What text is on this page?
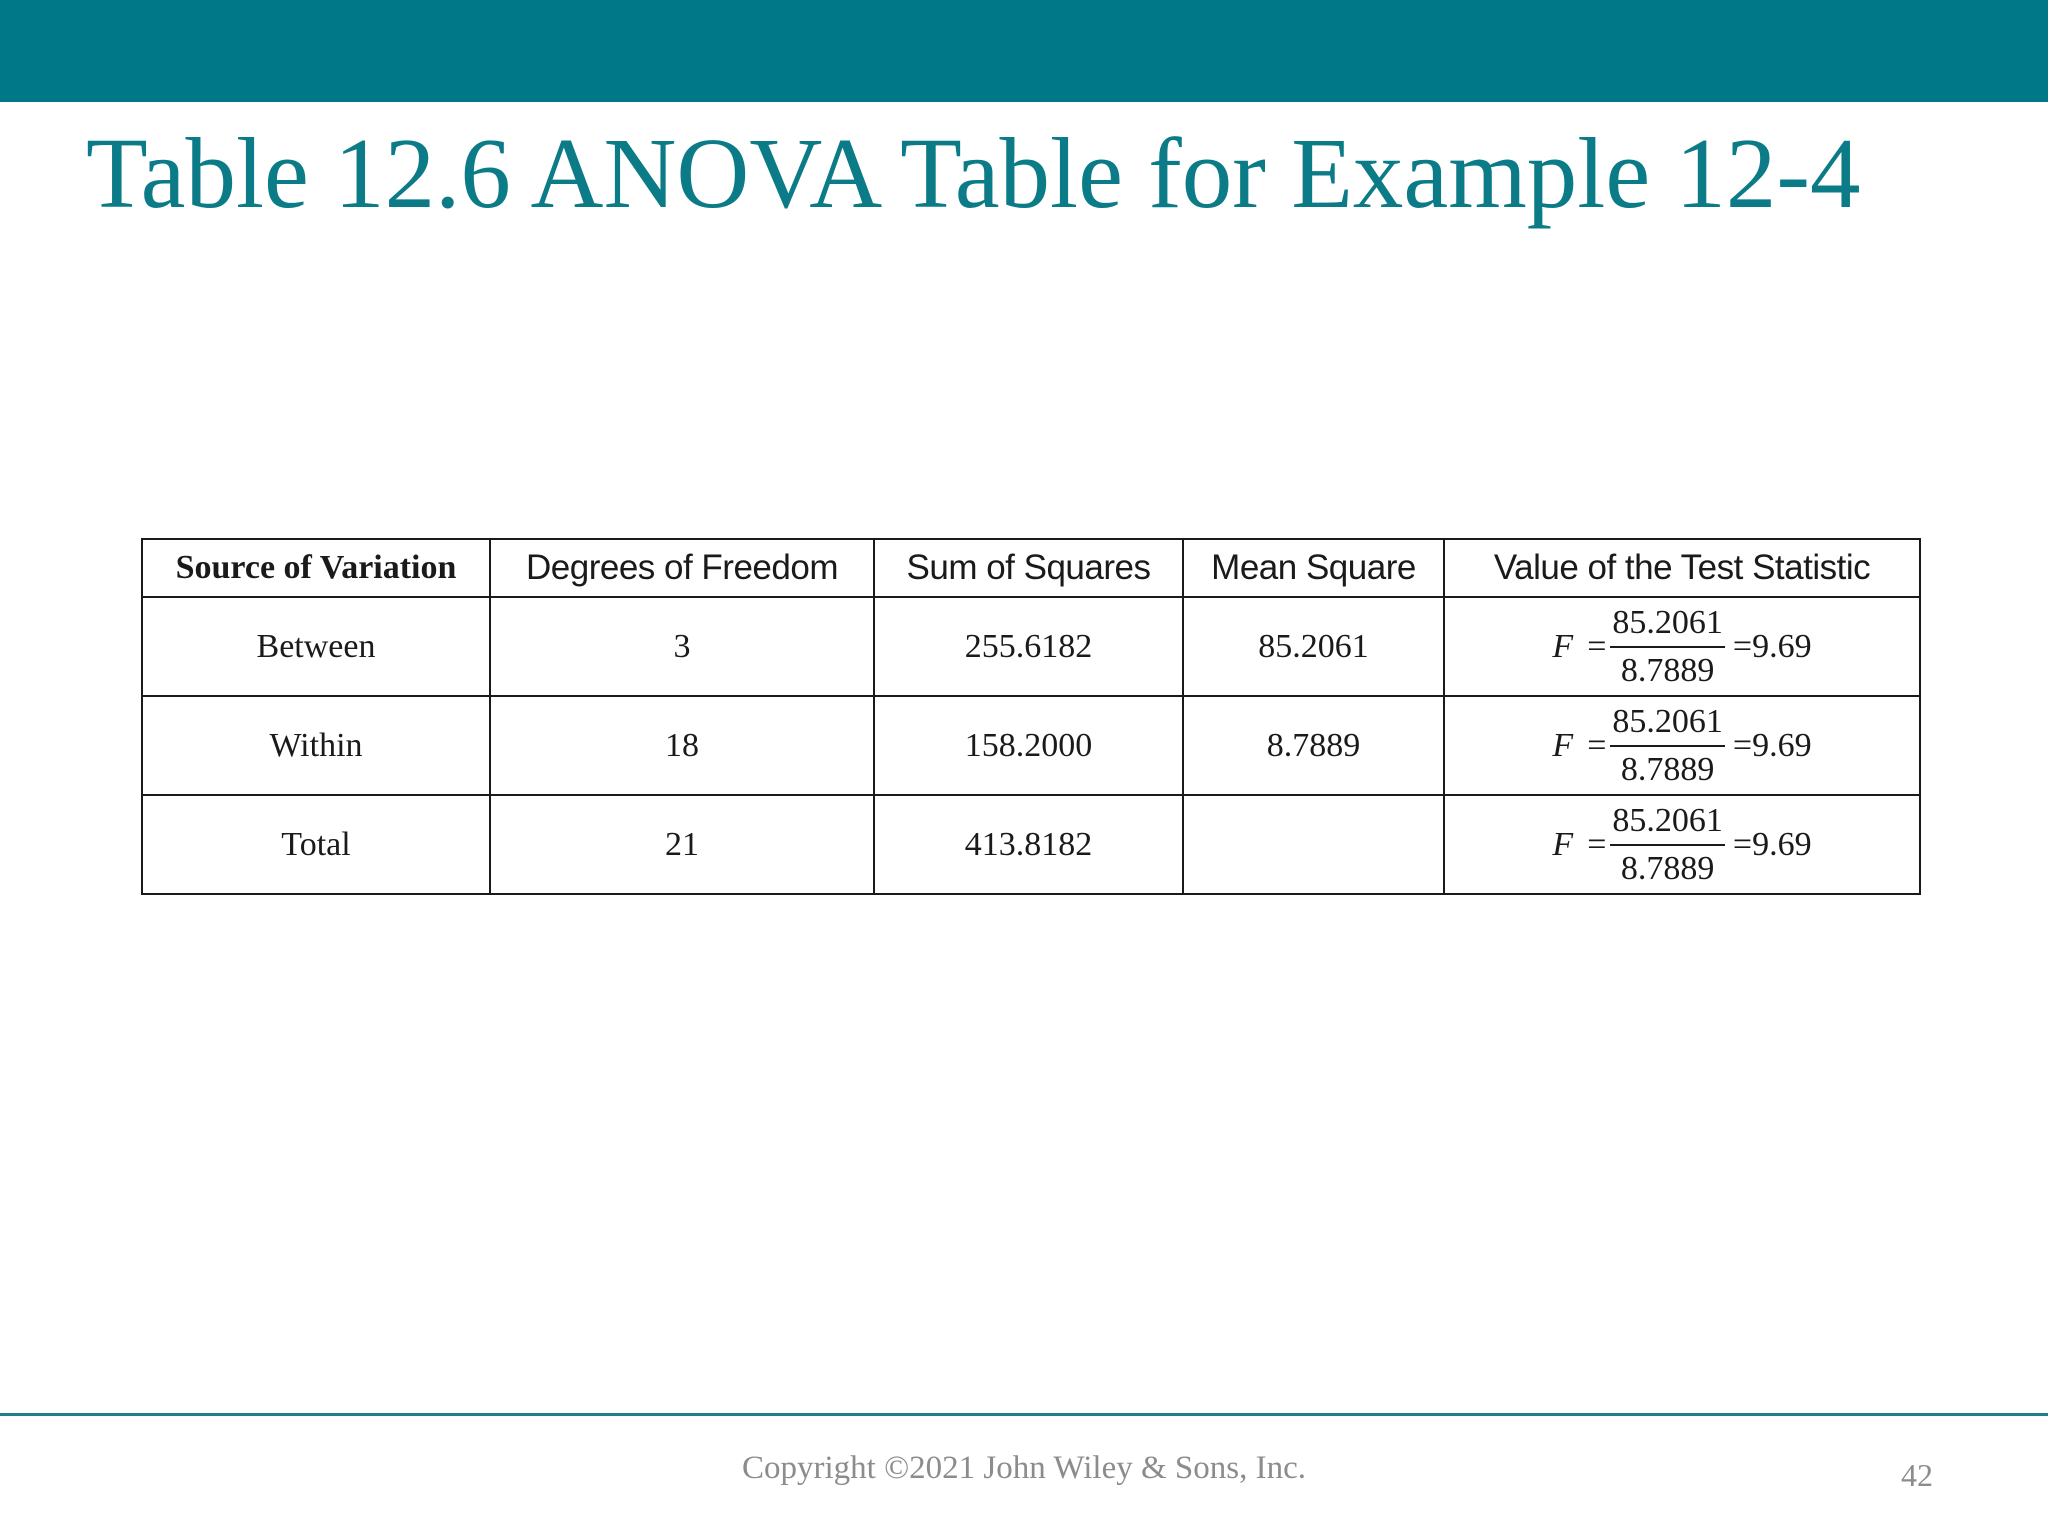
Table 12.6 ANOVA Table for Example 12-4
Source of Variation	Degrees of Freedom	Sum of Squares	Mean Square	Value of the Test Statistic
Between	3	255.6182	85.2061	$F = \frac{85.2061}{8.7889} =9.69$

Within	18	158.2000	8.7889	$F = \frac{85.2061}{8.7889} =9.69$

Total	21	413.8182		$F = \frac{85.2061}{8.7889} =9.69$
Copyright ©2021 John Wiley & Sons, Inc.	42
